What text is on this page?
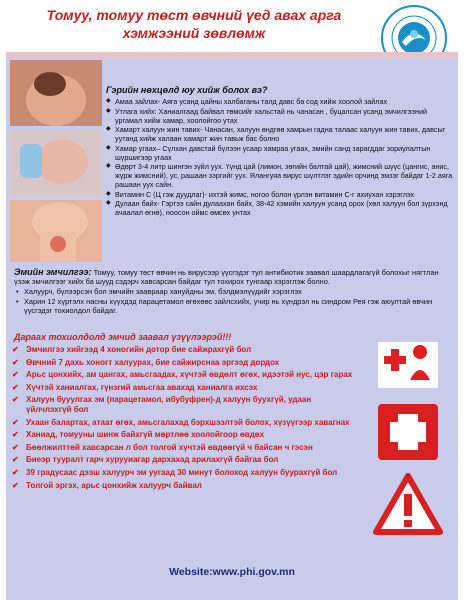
Томуу, томуу төст өвчний үед авах арга
хэмжээний зөвлөмж
Гэрийн нөхцөлд юу хийж болох вэ?
◆ Амаа зайлах- Аяга усанд цайны халбаганы талд давс ба сод хийж хоолой зайлах
◆ Утлага хийх: Ханиалгаад байвал төмсийг хальстай нь чанасан , буцалсан усанд эмчилгээний ургамал хийж хамар, хоолойгоо утах
◆ Хамарт халуун жин тавих- Чанасан, халуун өндгөө хамрын гадна талаас халуун жин тавих, давсыг уутанд хийж халаан хамарт жин тавьж бас болно
◆ Хамар угаах– Сүлхан давстай бүлээн усаар хамраа угаах, эмийн санд зарагддаг зориулалтын шүршигээр угаах
◆ Өдөрт 3-4 литр шингэн зүйл уух. Үүнд цай (лимон, зөгийн балтай цай), жимсний шүүс (цангис, анис, жүрж жимсний), ус, рашаан зэргийг уух. Ялангуяа вирус шүлтлэг эдийн орчинд эмзэг байдаг 1-2 аяга рашаан уух сайн.
◆ Витамин С (Ц гэж дуудлаг)- ихтэй жимс, ногоо болон үрлэн витамин С-г ахиухан хэрэглэх
◆ Дулаан байх- Гэртээ сайн дулаахан байх, 38-42 хэмийн халуун усанд орох (хөл халуун бол зүрхэнд ачаалал өгнө), ноосон оймс өмсөх унтах

Эмийн эмчилгээ: Томуу, томуу төст өвчин нь вирусээр үүсгэдэг тул антибиотик заавал шаардлагагүй болохыг нягтлан үзэж эмчилгээг хийх ба шууд сэдэрч хавсарсан байдаг тул тохирох тунгаар хэрэглэж болно.

• Халуурч, бүлээрсэн бол эмчийн заавраар хануйдны эм, бэлдмэлүүдийг хэрэглэх
• Харин 12 хүртэлх насны хүүхдэд парацетамол өгөхөөс зайлсхийх, учир нь хүндрэл нь синдром Рея гэж аюултай өвчин үүсгэдэг тохиолдол байдаг.
Дараах тохиолдолд эмчид заавал үзүүлээрэй!!!
✔ Эмчилгээ хийгээд 4 хоногийн дотор бие сайжрахгүй бол
✔ Өвчний 7 дахь хоногт халуурах, бие сайжирснаа эргээд дордох
✔ Арьс цонхийх, ам цангах, амьсгаадах, хүчтэй өвдөлт өгөх, идээтэй нус, цэр гарах
✔ Хүчтэй ханиалгах, гүнзгий амьсгаа аваxад ханиалга ихсэх
✔ Халуун бууулгах эм (парацетамол, ибубуфрен)-д халуун буухгүй, удаан үйлчлэхгүй бол
✔ Ухаан балартах, атаат өгөх, амьсгалахад бэрхшээлтэй болох, хүзүүгээр хавагнах
✔ Ханиад, томууны шинж байхгүй мөртлөө хоолойгоор өвдөх
✔ Бөөлжилттөй хавсарсан л бол толгой хүчтэй өвдөөгүй ч байсан ч гэсэн
✔ Биеэр тууралт гарч хурууиагар дархахад арилахгүй байгаа бол
✔ 39 градусаас дээш халуурч эм уугаад 30 минут болоход халуун буурахгүй бол
✔ Толгой эргэх, арьс цонхийж халуурч байвал
Website:www.phi.gov.mn
